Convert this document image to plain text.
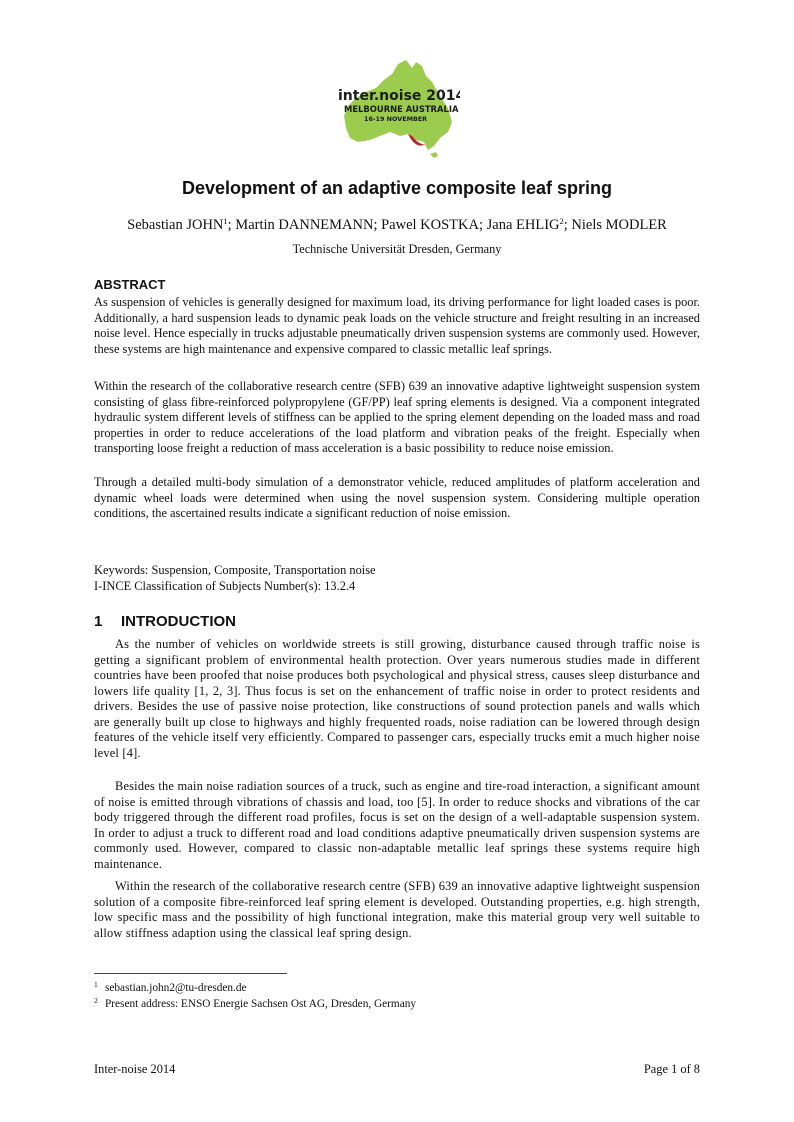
inter.noise 2014
MELBOURNE AUSTRALIA
16-19 NOVEMBER
Development of an adaptive composite leaf spring
Sebastian JOHN$^1$; Martin DANNEMANN; Pawel KOSTKA; Jana EHLIG$^2$; Niels MODLER
Technische Universität Dresden, Germany
ABSTRACT

As suspension of vehicles is generally designed for maximum load, its driving performance for light loaded cases is poor. Additionally, a hard suspension leads to dynamic peak loads on the vehicle structure and freight resulting in an increased noise level. Hence especially in trucks adjustable pneumatically driven suspension systems are commonly used. However, these systems are high maintenance and expensive compared to classic metallic leaf springs.

Within the research of the collaborative research centre (SFB) 639 an innovative adaptive lightweight suspension system consisting of glass fibre-reinforced polypropylene (GF/PP) leaf spring elements is designed. Via a component integrated hydraulic system different levels of stiffness can be applied to the spring element depending on the loaded mass and road properties in order to reduce accelerations of the load platform and vibration peaks of the freight. Especially when transporting loose freight a reduction of mass acceleration is a basic possibility to reduce noise emission.

Through a detailed multi-body simulation of a demonstrator vehicle, reduced amplitudes of platform acceleration and dynamic wheel loads were determined when using the novel suspension system. Considering multiple operation conditions, the ascertained results indicate a significant reduction of noise emission.

Keywords: Suspension, Composite, Transportation noise
I-INCE Classification of Subjects Number(s): 13.2.4
1 INTRODUCTION

As the number of vehicles on worldwide streets is still growing, disturbance caused through traffic noise is getting a significant problem of environmental health protection. Over years numerous studies made in different countries have been proofed that noise produces both psychological and physical stress, causes sleep disturbance and lowers life quality [1, 2, 3]. Thus focus is set on the enhancement of traffic noise in order to protect residents and drivers. Besides the use of passive noise protection, like constructions of sound protection panels and walls which are generally built up close to highways and highly frequented roads, noise radiation can be lowered through design features of the vehicle itself very efficiently. Compared to passenger cars, especially trucks emit a much higher noise level [4].

Besides the main noise radiation sources of a truck, such as engine and tire-road interaction, a significant amount of noise is emitted through vibrations of chassis and load, too [5]. In order to reduce shocks and vibrations of the car body triggered through the different road profiles, focus is set on the design of a well-adaptable suspension system. In order to adjust a truck to different road and load conditions adaptive pneumatically driven suspension systems are commonly used. However, compared to classic non-adaptable metallic leaf springs these systems require high maintenance.

Within the research of the collaborative research centre (SFB) 639 an innovative adaptive lightweight suspension solution of a composite fibre-reinforced leaf spring element is developed. Outstanding properties, e.g. high strength, low specific mass and the possibility of high functional integration, make this material group very well suitable to allow stiffness adaption using the classical leaf spring design.

$^1$ sebastian.john2@tu-dresden.de
$^2$ Present address: ENSO Energie Sachsen Ost AG, Dresden, Germany
Inter-noise 2014	Page 1 of 8
